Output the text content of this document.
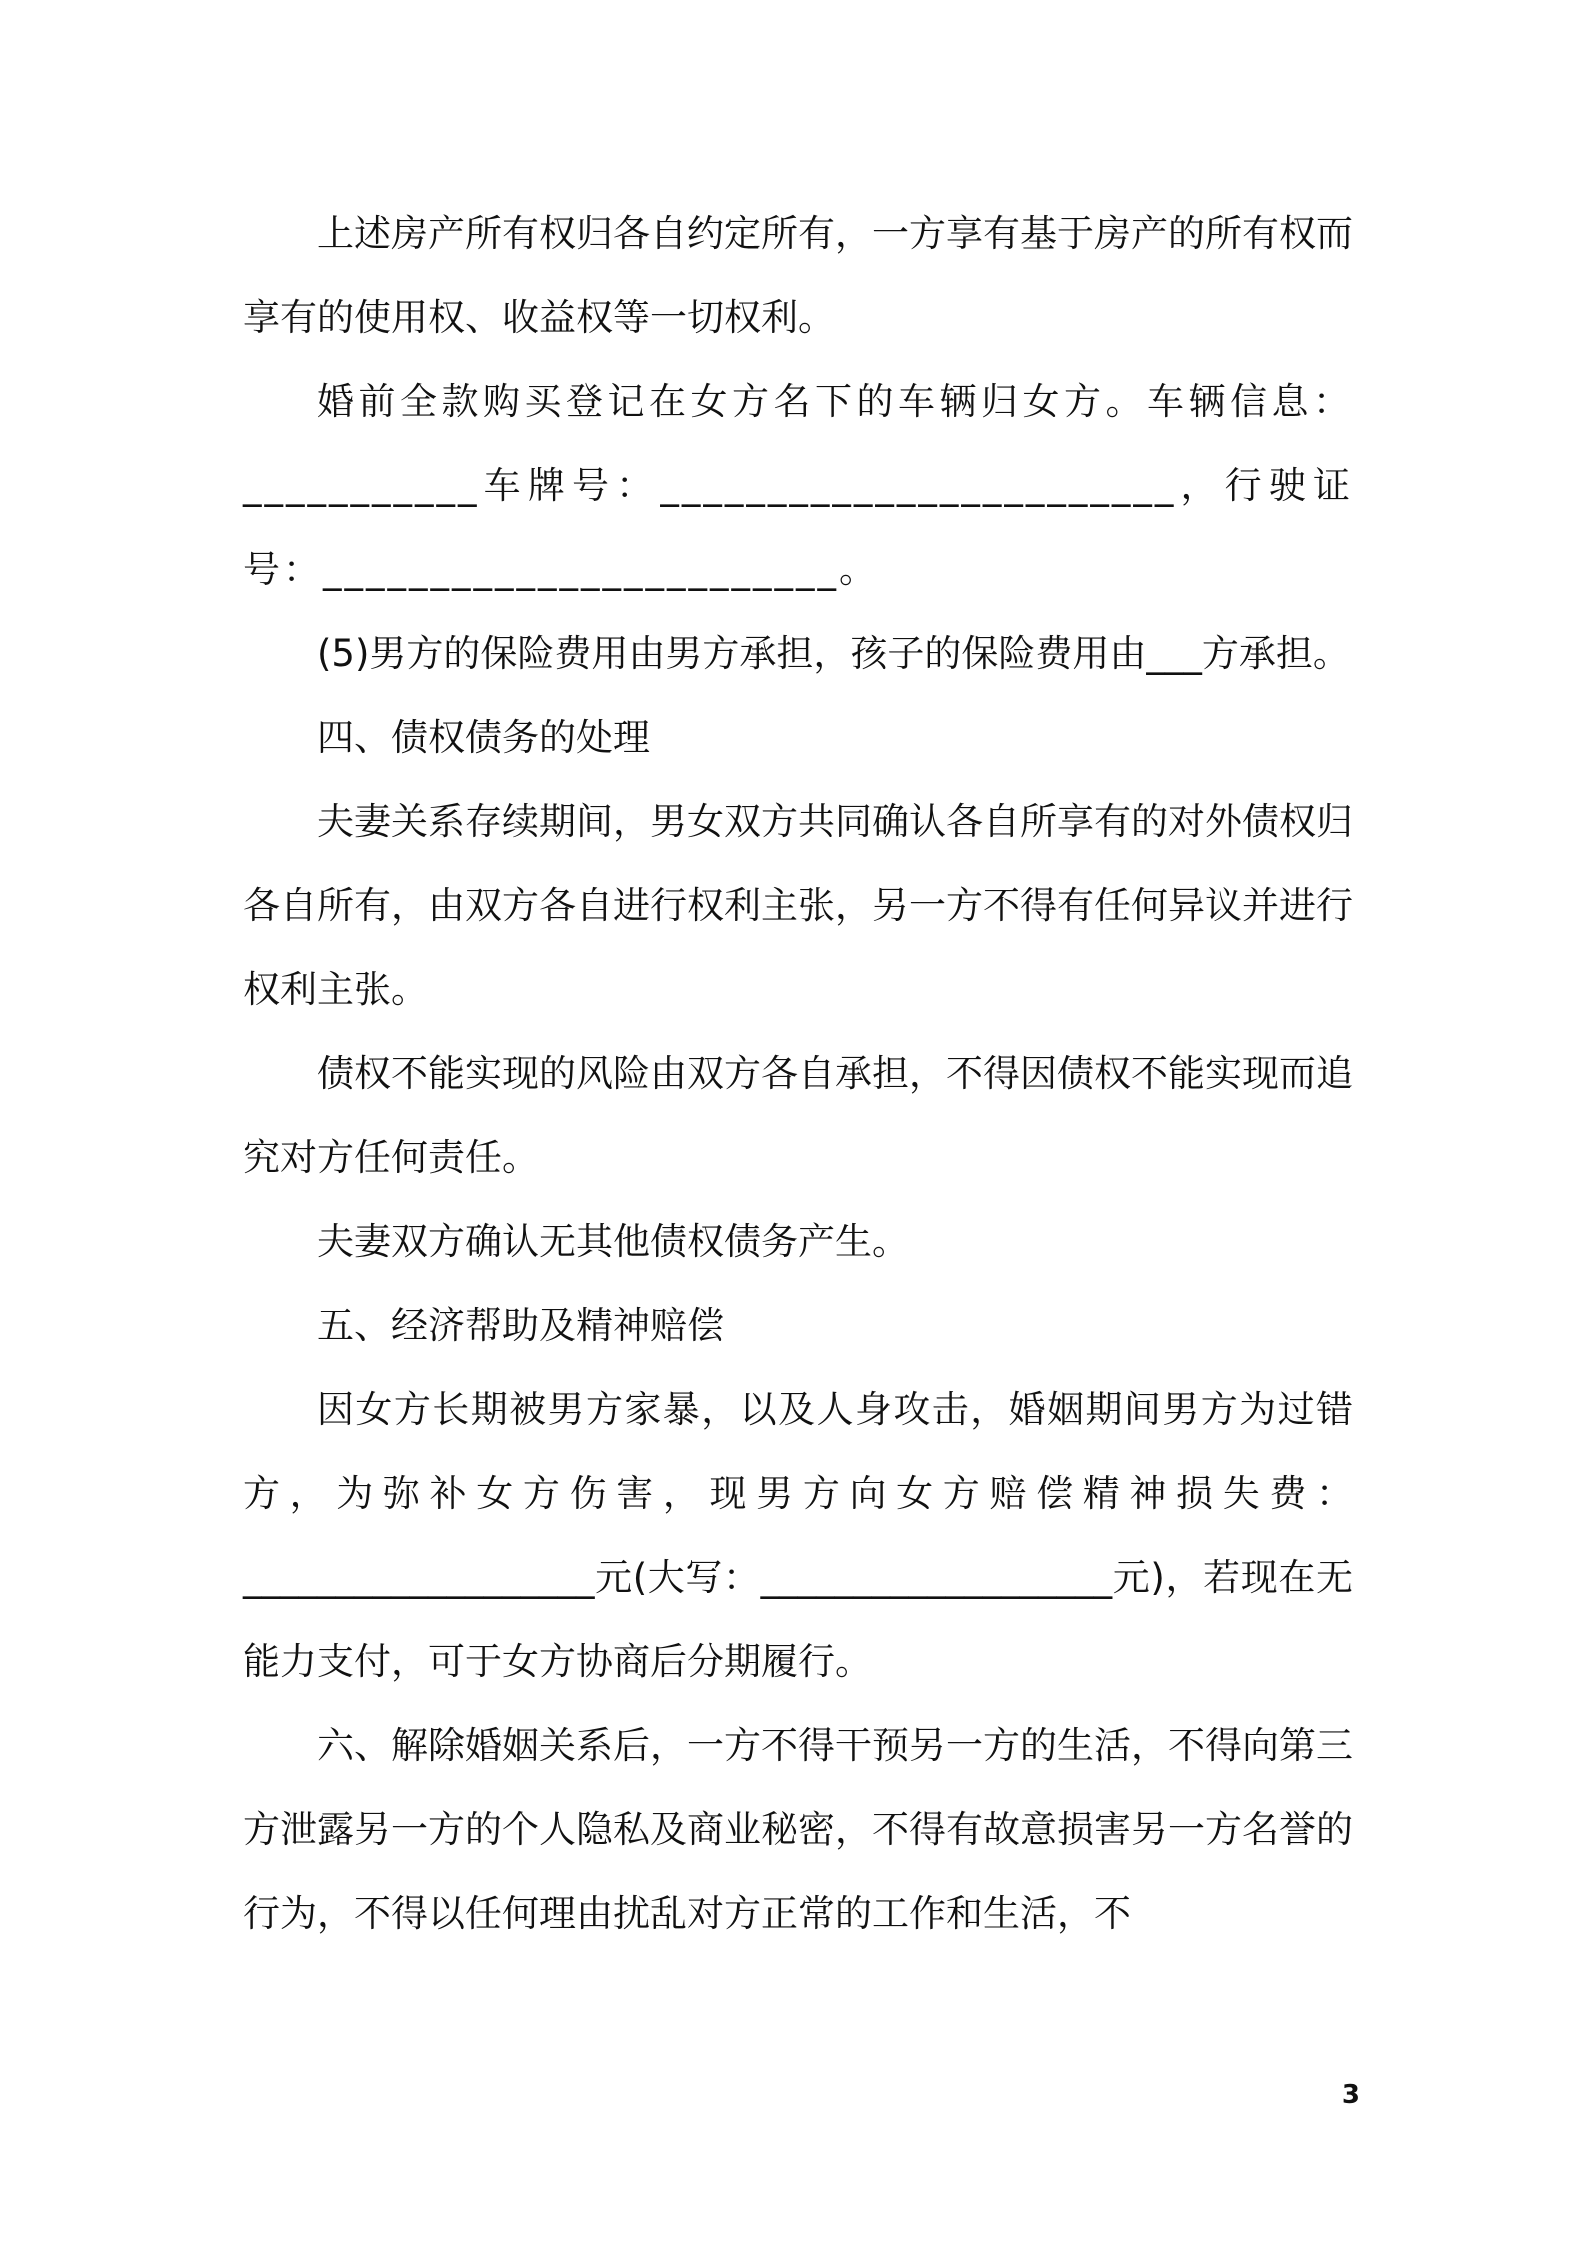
上述房产所有权归各自约定所有，一方享有基于房产的所有权而享有的使用权、收益权等一切权利。

婚前全款购买登记在女方名下的车辆归女方。车辆信息：___________车牌号：________________________，行驶证号：________________________。

(5)男方的保险费用由男方承担，孩子的保险费用由___方承担。

四、债权债务的处理

夫妻关系存续期间，男女双方共同确认各自所享有的对外债权归各自所有，由双方各自进行权利主张，另一方不得有任何异议并进行权利主张。

债权不能实现的风险由双方各自承担，不得因债权不能实现而追究对方任何责任。

夫妻双方确认无其他债权债务产生。

五、经济帮助及精神赔偿

因女方长期被男方家暴，以及人身攻击，婚姻期间男方为过错方，为弥补女方伤害，现男方向女方赔偿精神损失费：___________________元(大写：___________________元)，若现在无能力支付，可于女方协商后分期履行。

六、解除婚姻关系后，一方不得干预另一方的生活，不得向第三方泄露另一方的个人隐私及商业秘密，不得有故意损害另一方名誉的行为，不得以任何理由扰乱对方正常的工作和生活，不

3
